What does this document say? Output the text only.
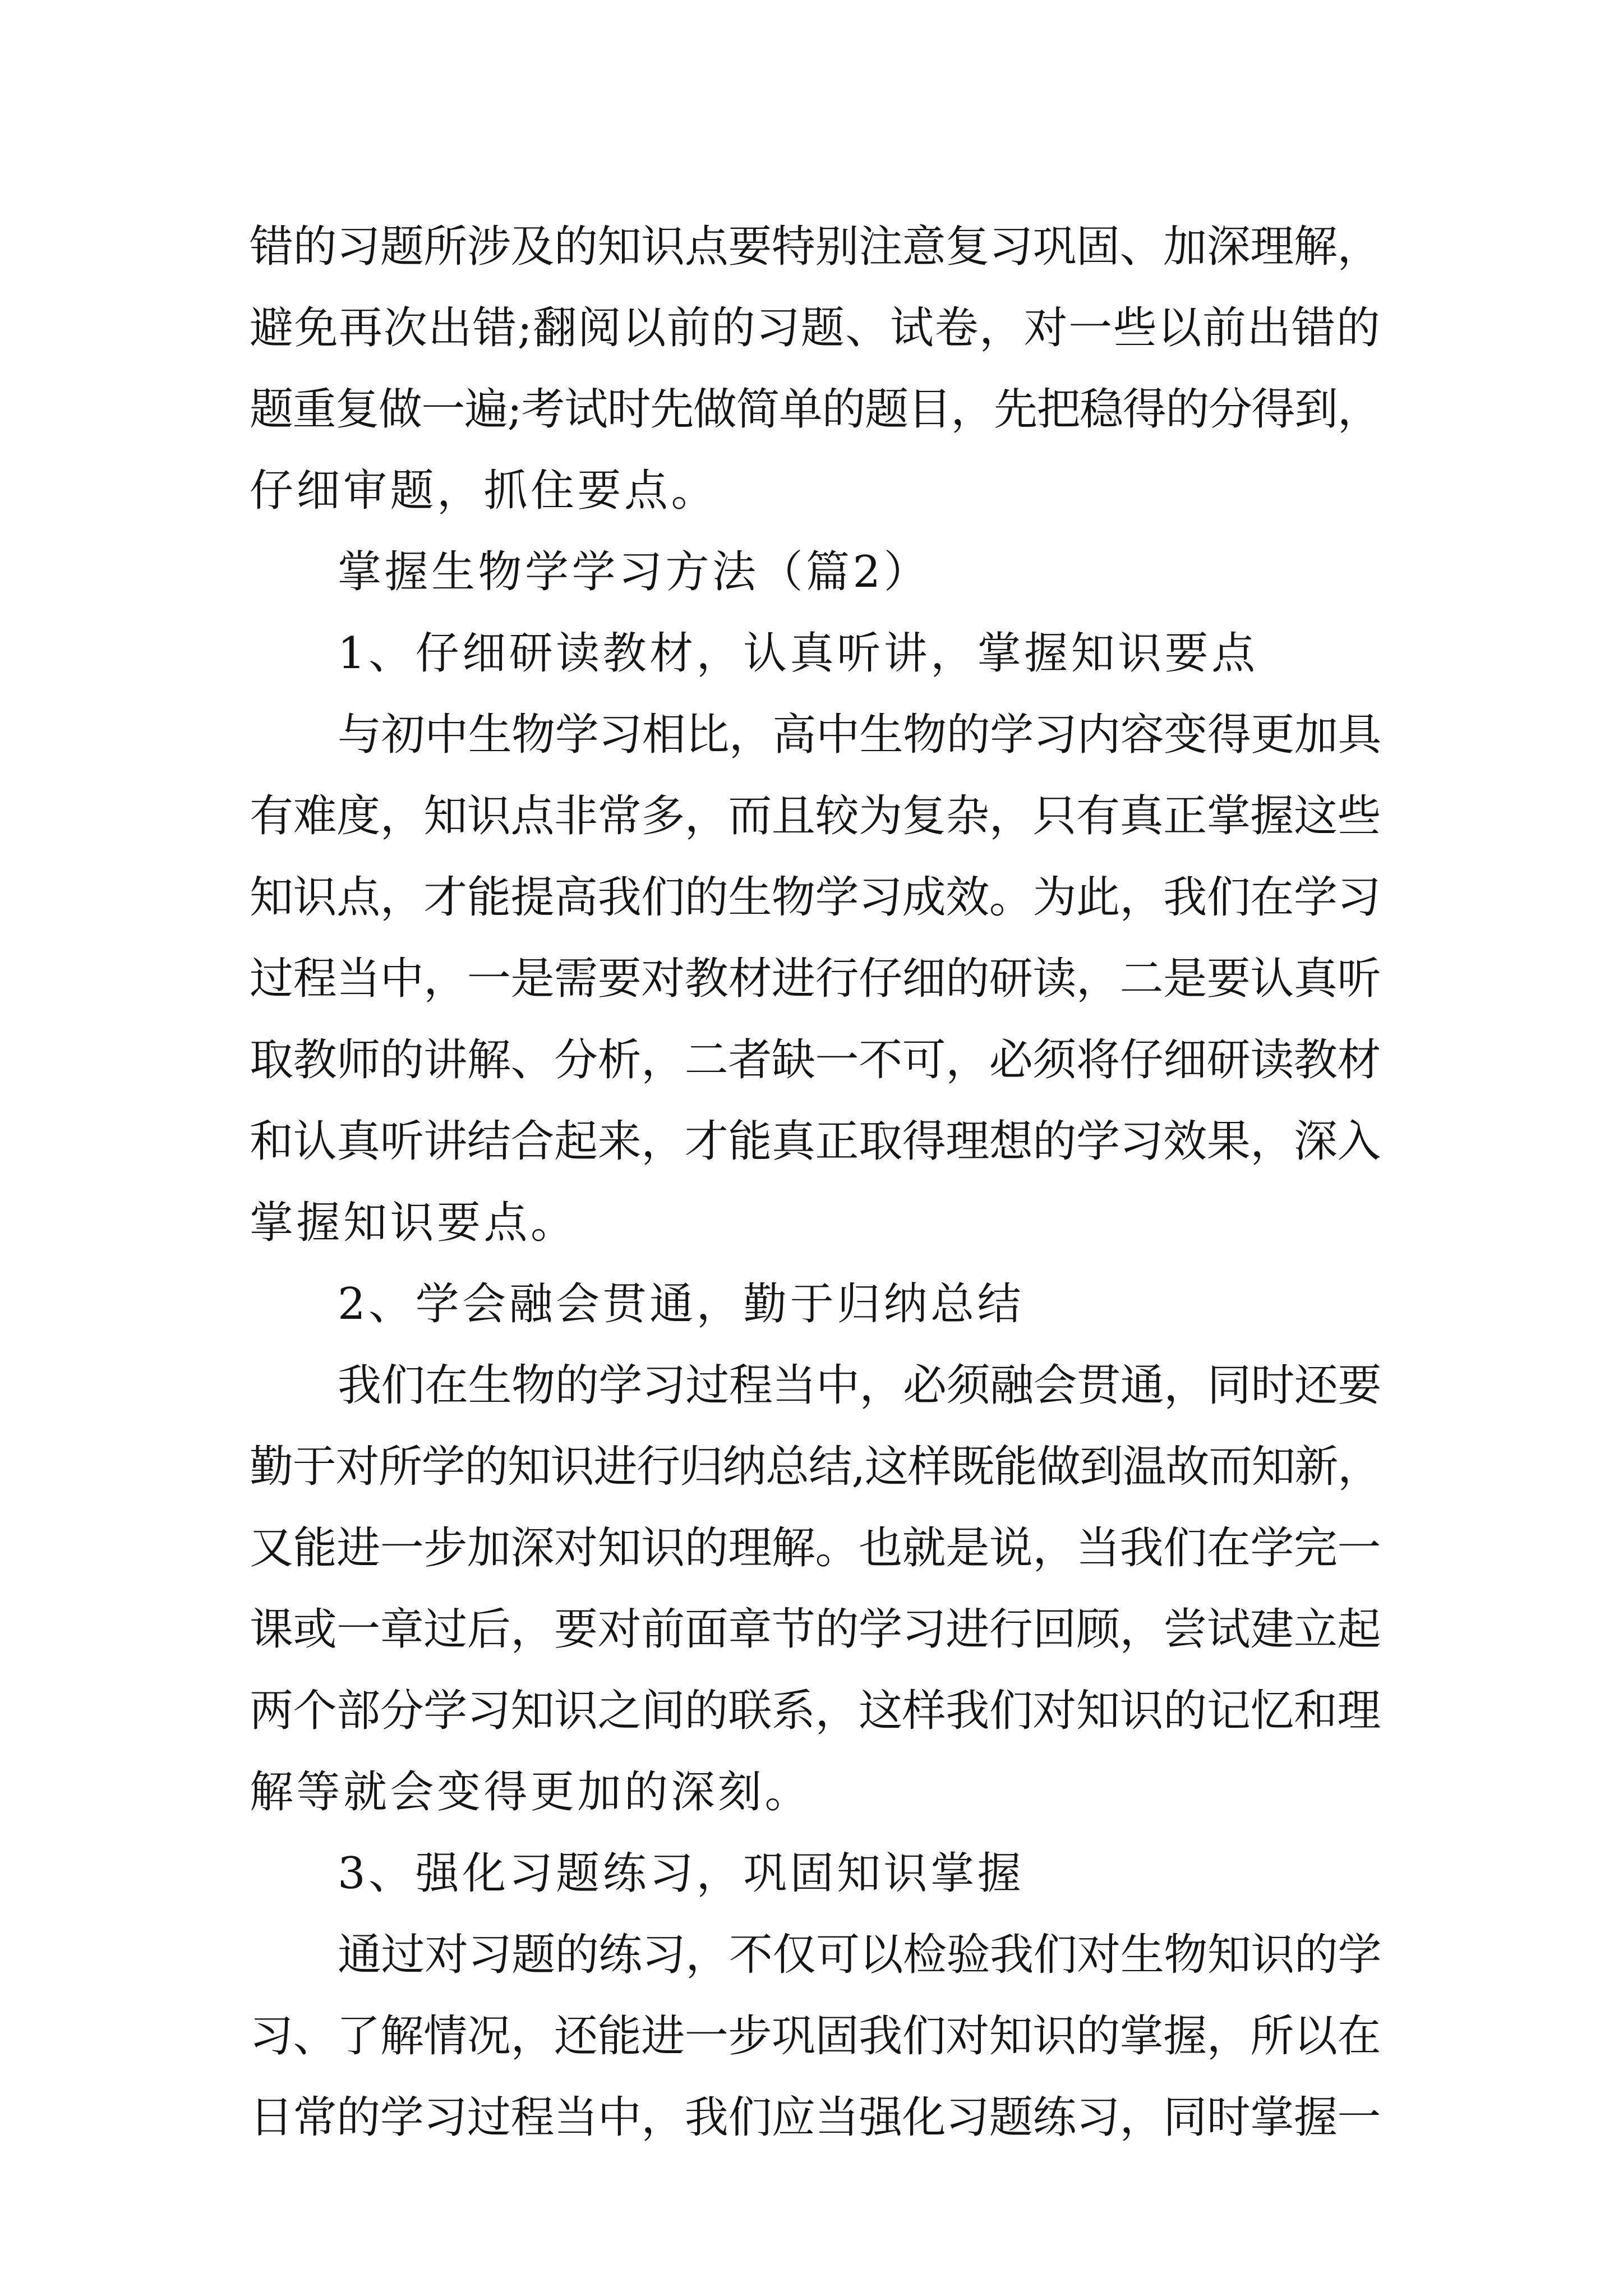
错的习题所涉及的知识点要特别注意复习巩固、加深理解，
避免再次出错;翻阅以前的习题、试卷，对一些以前出错的
题重复做一遍;考试时先做简单的题目，先把稳得的分得到，
仔细审题，抓住要点。
掌握生物学学习方法（篇2）
1、仔细研读教材，认真听讲，掌握知识要点
与初中生物学习相比，高中生物的学习内容变得更加具
有难度，知识点非常多，而且较为复杂，只有真正掌握这些
知识点，才能提高我们的生物学习成效。为此，我们在学习
过程当中，一是需要对教材进行仔细的研读，二是要认真听
取教师的讲解、分析，二者缺一不可，必须将仔细研读教材
和认真听讲结合起来，才能真正取得理想的学习效果，深入
掌握知识要点。
2、学会融会贯通，勤于归纳总结
我们在生物的学习过程当中，必须融会贯通，同时还要
勤于对所学的知识进行归纳总结,这样既能做到温故而知新，
又能进一步加深对知识的理解。也就是说，当我们在学完一
课或一章过后，要对前面章节的学习进行回顾，尝试建立起
两个部分学习知识之间的联系，这样我们对知识的记忆和理
解等就会变得更加的深刻。
3、强化习题练习，巩固知识掌握
通过对习题的练习，不仅可以检验我们对生物知识的学
习、了解情况，还能进一步巩固我们对知识的掌握，所以在
日常的学习过程当中，我们应当强化习题练习，同时掌握一
